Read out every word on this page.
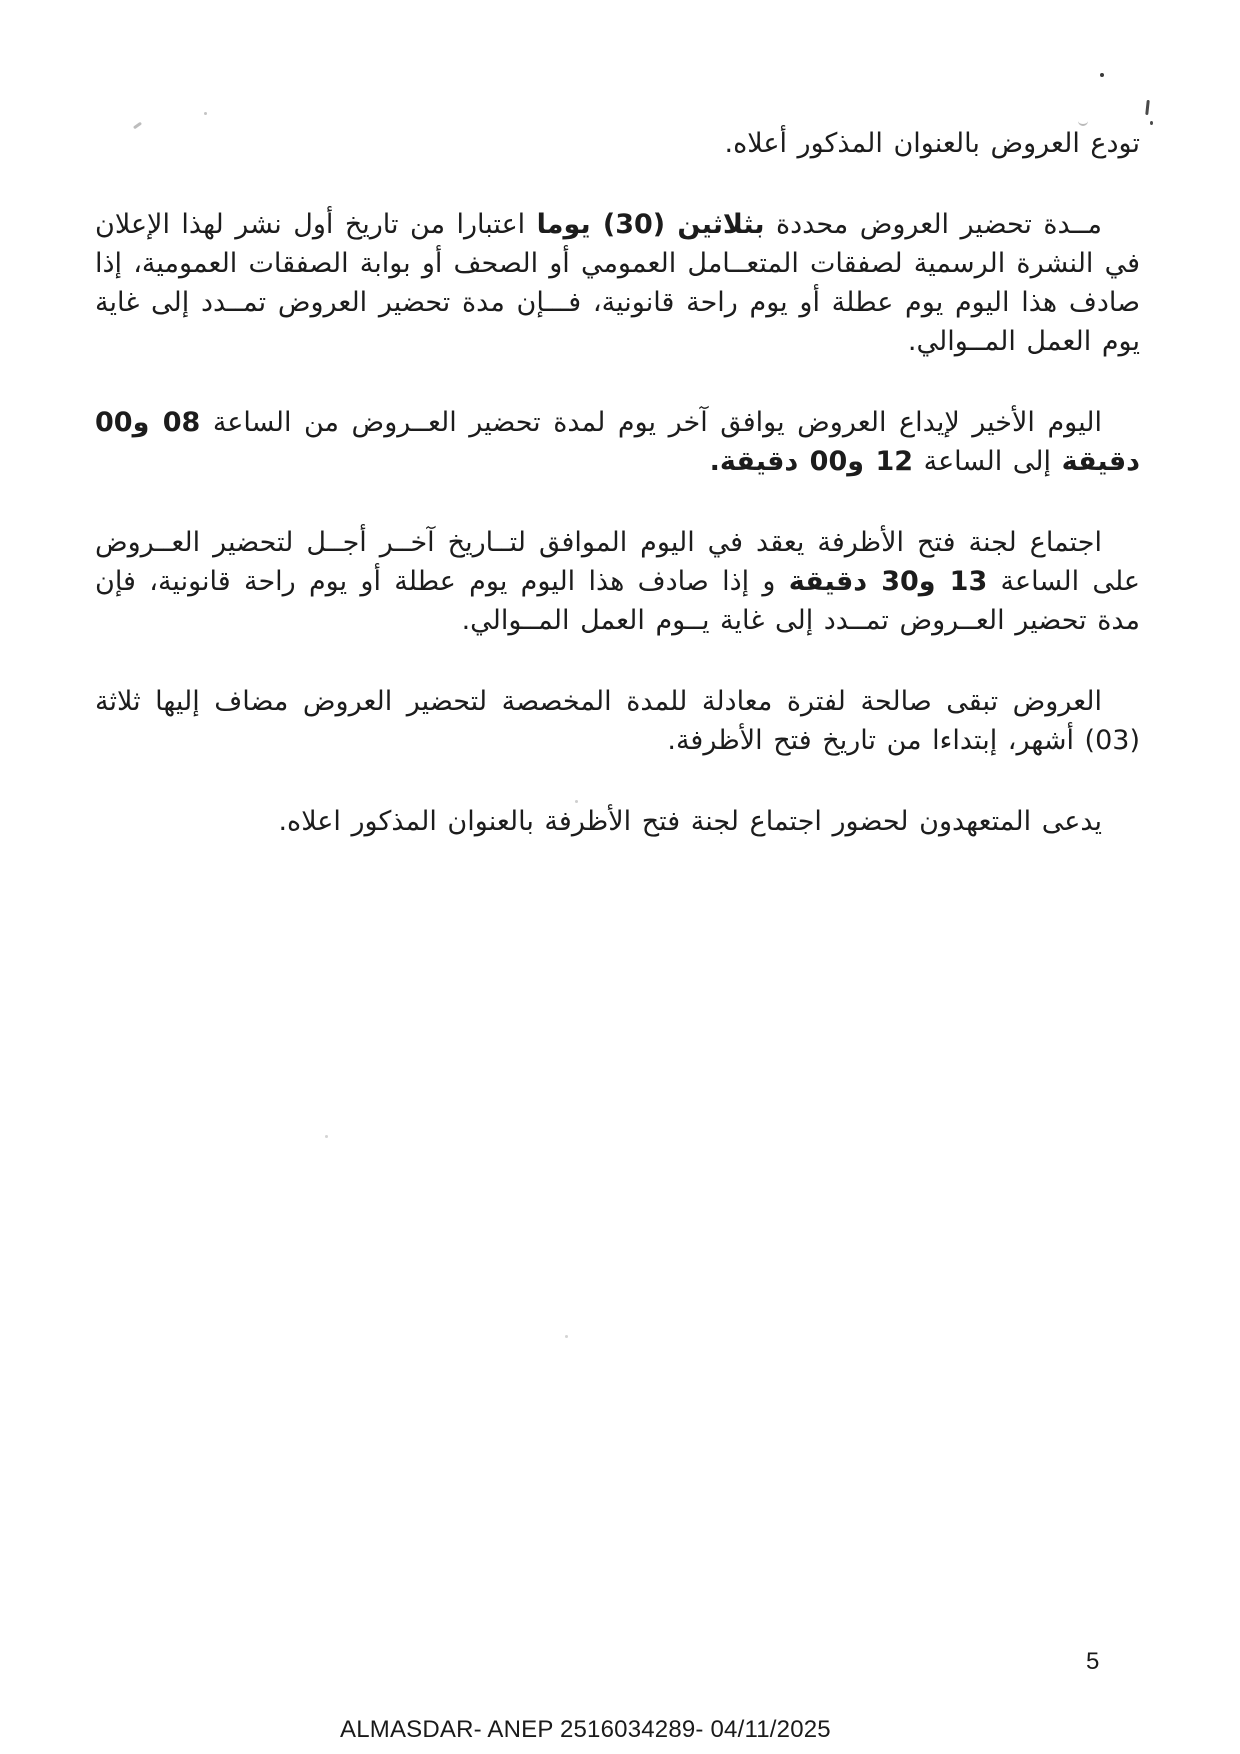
تودع العروض بالعنوان المذكور أعلاه.

مــدة تحضير العروض محددة بثلاثين (30) يوما اعتبارا من تاريخ أول نشر لهذا الإعلان في النشرة الرسمية لصفقات المتعــامل العمومي أو الصحف أو بوابة الصفقات العمومية، إذا صادف هذا اليوم يوم عطلة أو يوم راحة قانونية، فـــإن مدة تحضير العروض تمــدد إلى غاية يوم العمل المــوالي.

اليوم الأخير لإيداع العروض يوافق آخر يوم لمدة تحضير العــروض من الساعة 08 و00 دقيقة إلى الساعة 12 و00 دقيقة.

اجتماع لجنة فتح الأظرفة يعقد في اليوم الموافق لتــاريخ آخــر أجــل لتحضير العــروض على الساعة 13 و30 دقيقة و إذا صادف هذا اليوم يوم عطلة أو يوم راحة قانونية، فإن مدة تحضير العــروض تمــدد إلى غاية يــوم العمل المــوالي.

العروض تبقى صالحة لفترة معادلة للمدة المخصصة لتحضير العروض مضاف إليها ثلاثة (03) أشهر، إبتداءا من تاريخ فتح الأظرفة.

يدعى المتعهدون لحضور اجتماع لجنة فتح الأظرفة بالعنوان المذكور اعلاه.

5
ALMASDAR- ANEP 2516034289- 04/11/2025
